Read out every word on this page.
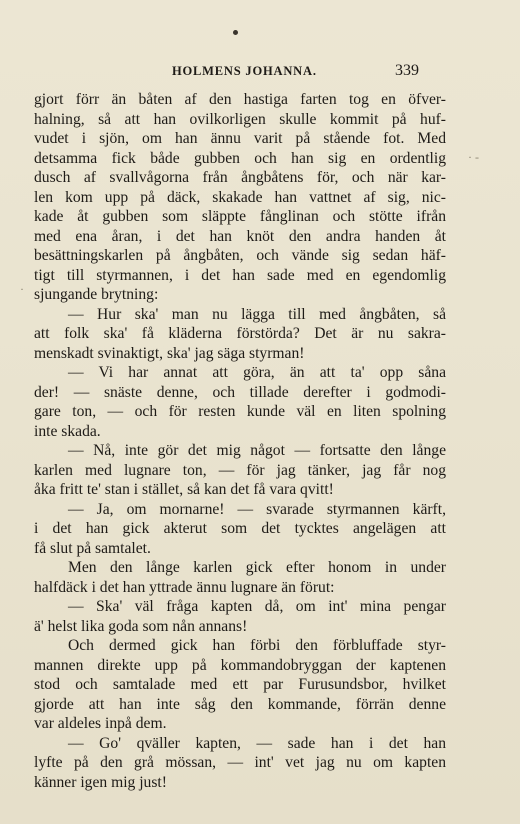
HOLMENS JOHANNA.	339
· -
·
gjort förr än båten af den hastiga farten tog en öfver-
halning, så att han ovilkorligen skulle kommit på huf-
vudet i sjön, om han ännu varit på stående fot. Med
detsamma fick både gubben och han sig en ordentlig
dusch af svallvågorna från ångbåtens för, och när kar-
len kom upp på däck, skakade han vattnet af sig, nic-
kade åt gubben som släppte fånglinan och stötte ifrån
med ena åran, i det han knöt den andra handen åt
besättningskarlen på ångbåten, och vände sig sedan häf-
tigt till styrmannen, i det han sade med en egendomlig
sjungande brytning:
— Hur ska' man nu lägga till med ångbåten, så
att folk ska' få kläderna förstörda? Det är nu sakra-
menskadt svinaktigt, ska' jag säga styrman!
— Vi har annat att göra, än att ta' opp såna
der! — snäste denne, och tillade derefter i godmodi-
gare ton, — och för resten kunde väl en liten spolning
inte skada.
— Nå, inte gör det mig något — fortsatte den långe
karlen med lugnare ton, — för jag tänker, jag får nog
åka fritt te' stan i stället, så kan det få vara qvitt!
— Ja, om mornarne! — svarade styrmannen kärft,
i det han gick akterut som det tycktes angelägen att
få slut på samtalet.
Men den långe karlen gick efter honom in under
halfdäck i det han yttrade ännu lugnare än förut:
— Ska' väl fråga kapten då, om int' mina pengar
ä' helst lika goda som nån annans!
Och dermed gick han förbi den förbluffade styr-
mannen direkte upp på kommandobryggan der kaptenen
stod och samtalade med ett par Furusundsbor, hvilket
gjorde att han inte såg den kommande, förrän denne
var aldeles inpå dem.
— Go' qväller kapten, — sade han i det han
lyfte på den grå mössan, — int' vet jag nu om kapten
känner igen mig just!
